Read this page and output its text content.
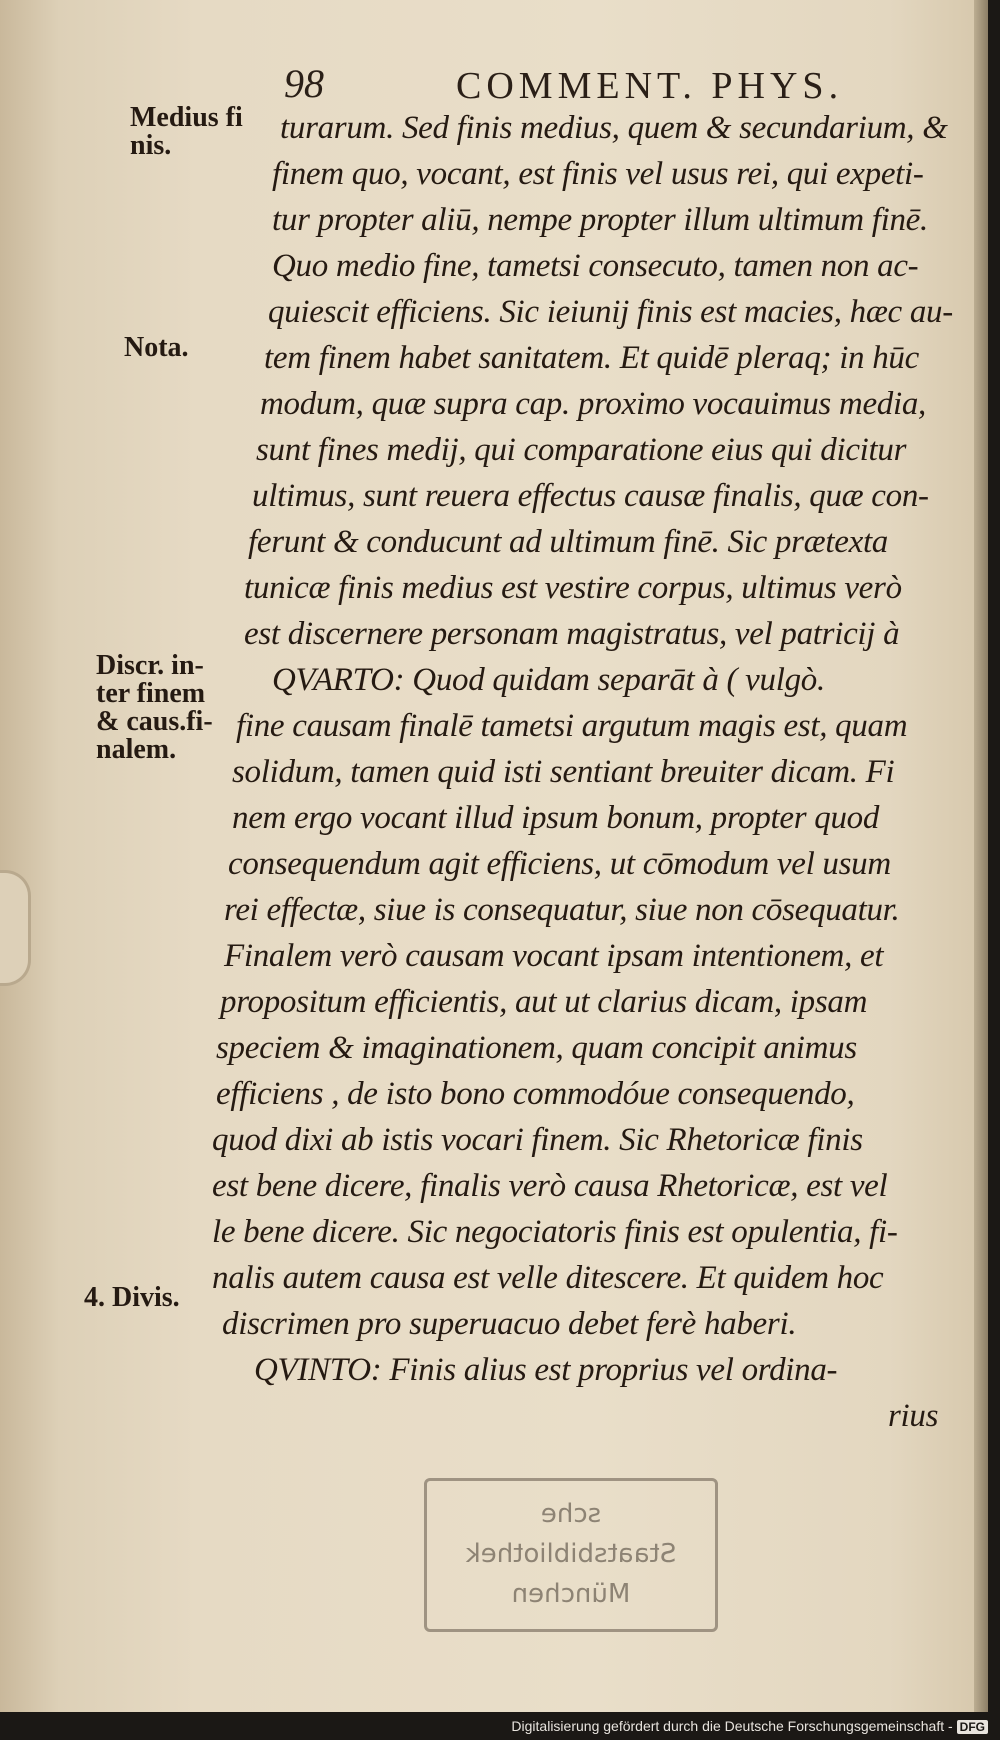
98	COMMENT. PHYS.
Medius fi
nis.
Nota.
Discr. in-
ter finem
& caus.fi-
nalem.
4. Divis.
turarum. Sed finis medius, quem & secundarium, &
finem quo, vocant, est finis vel usus rei, qui expeti-
tur propter aliū, nempe propter illum ultimum finē.
Quo medio fine, tametsi consecuto, tamen non ac-
quiescit efficiens. Sic ieiunij finis est macies, hæc au-
tem finem habet sanitatem. Et quidē pleraq; in hūc
modum, quæ supra cap. proximo vocauimus media,
sunt fines medij, qui comparatione eius qui dicitur
ultimus, sunt reuera effectus causæ finalis, quæ con-
ferunt & conducunt ad ultimum finē. Sic prætexta
tunicæ finis medius est vestire corpus, ultimus verò
est discernere personam magistratus, vel patricij à
QVARTO: Quod quidam separāt à ( vulgò.
fine causam finalē tametsi argutum magis est, quam
solidum, tamen quid isti sentiant breuiter dicam. Fi
nem ergo vocant illud ipsum bonum, propter quod
consequendum agit efficiens, ut cōmodum vel usum
rei effectæ, siue is consequatur, siue non cōsequatur.
Finalem verò causam vocant ipsam intentionem, et
propositum efficientis, aut ut clarius dicam, ipsam
speciem & imaginationem, quam concipit animus
efficiens , de isto bono commodóue consequendo,
quod dixi ab istis vocari finem. Sic Rhetoricæ finis
est bene dicere, finalis verò causa Rhetoricæ, est vel
le bene dicere. Sic negociatoris finis est opulentia, fi-
nalis autem causa est velle ditescere. Et quidem hoc
discrimen pro superuacuo debet ferè haberi.
QVINTO: Finis alius est proprius vel ordina-
rius
sche
Staatsbibliothek
München
Digitalisierung gefördert durch die Deutsche Forschungsgemeinschaft - DFG
